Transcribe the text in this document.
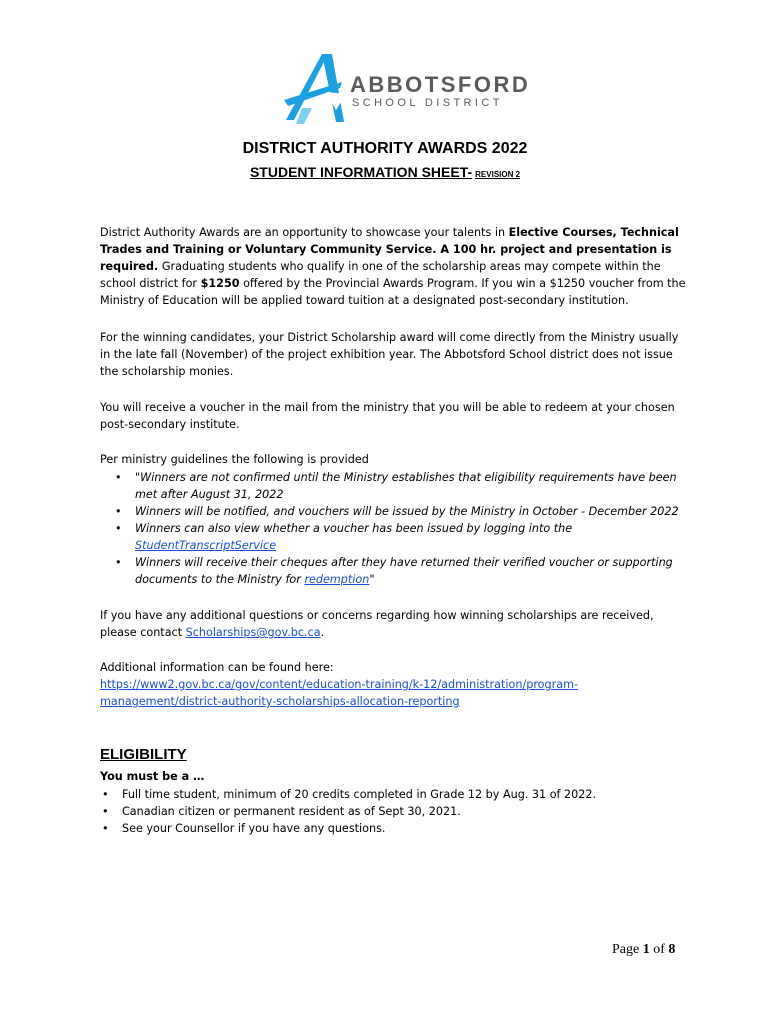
ABBOTSFORD
SCHOOL DISTRICT
DISTRICT AUTHORITY AWARDS 2022
STUDENT INFORMATION SHEET- REVISION 2

District Authority Awards are an opportunity to showcase your talents in Elective Courses, Technical Trades and Training or Voluntary Community Service. A 100 hr. project and presentation is required. Graduating students who qualify in one of the scholarship areas may compete within the school district for $1250 offered by the Provincial Awards Program. If you win a $1250 voucher from the Ministry of Education will be applied toward tuition at a designated post-secondary institution.

For the winning candidates, your District Scholarship award will come directly from the Ministry usually in the late fall (November) of the project exhibition year. The Abbotsford School district does not issue the scholarship monies.

You will receive a voucher in the mail from the ministry that you will be able to redeem at your chosen post-secondary institute.

Per ministry guidelines the following is provided

• "Winners are not confirmed until the Ministry establishes that eligibility requirements have been met after August 31, 2022
• Winners will be notified, and vouchers will be issued by the Ministry in October - December 2022
• Winners can also view whether a voucher has been issued by logging into the StudentTranscriptService
• Winners will receive their cheques after they have returned their verified voucher or supporting documents to the Ministry for redemption"

If you have any additional questions or concerns regarding how winning scholarships are received, please contact Scholarships@gov.bc.ca.

Additional information can be found here:
https://www2.gov.bc.ca/gov/content/education-training/k-12/administration/program-management/district-authority-scholarships-allocation-reporting

ELIGIBILITY
You must be a …
• Full time student, minimum of 20 credits completed in Grade 12 by Aug. 31 of 2022.
• Canadian citizen or permanent resident as of Sept 30, 2021.
• See your Counsellor if you have any questions.
Page 1 of 8
